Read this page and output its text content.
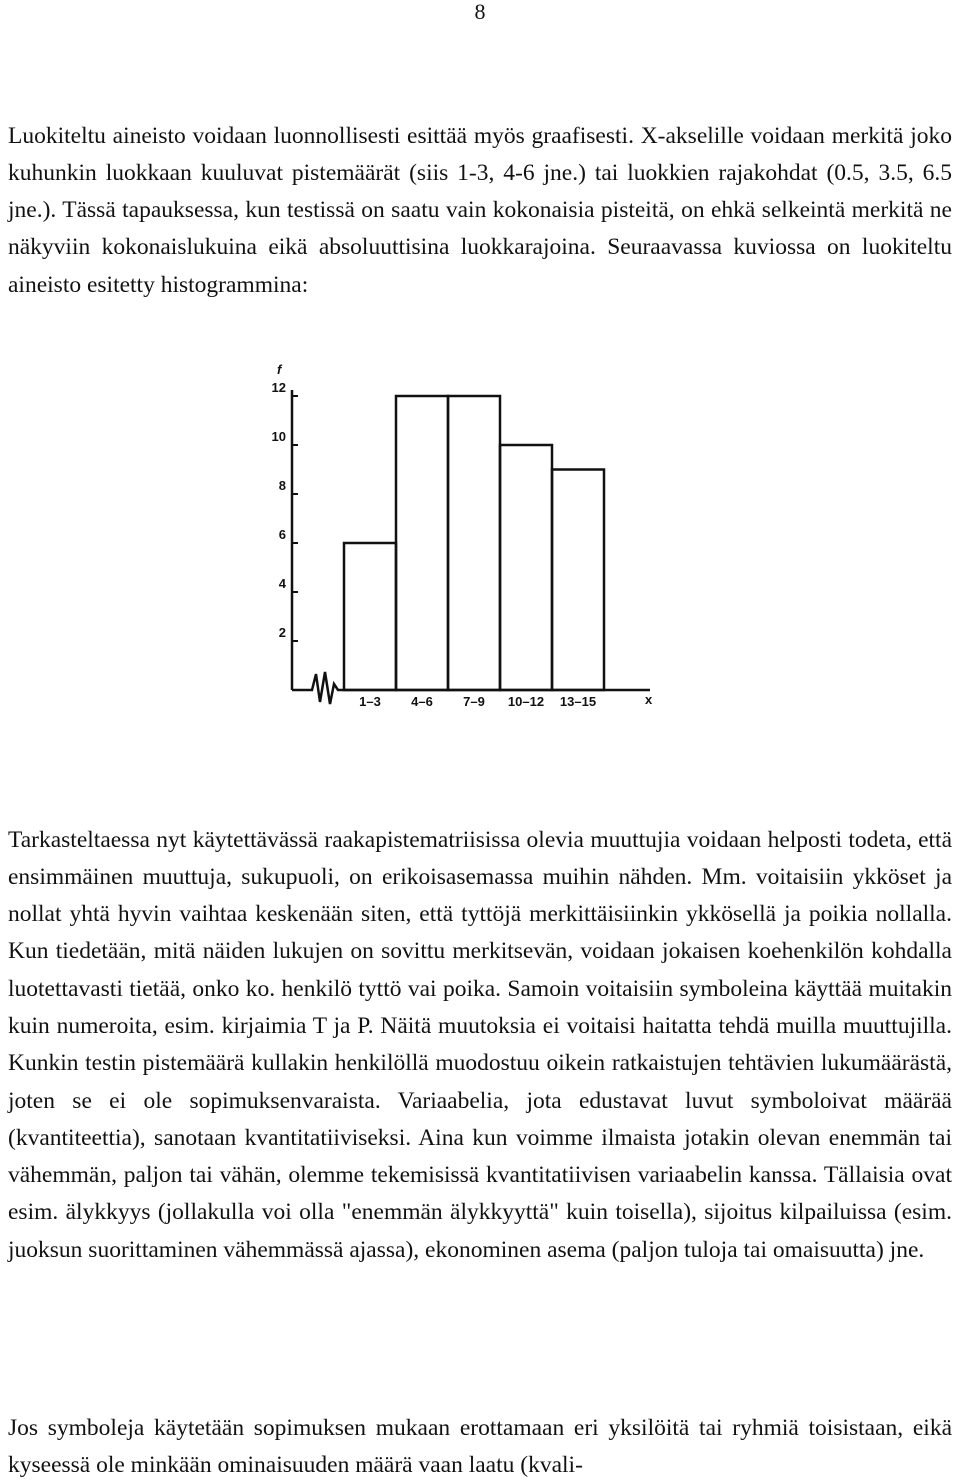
8

Luokiteltu aineisto voidaan luonnollisesti esittää myös graafisesti. X-akselille voidaan merkitä joko kuhunkin luokkaan kuuluvat pistemäärät (siis 1-3, 4-6 jne.) tai luokkien rajakohdat (0.5, 3.5, 6.5 jne.). Tässä tapauksessa, kun testissä on saatu vain kokonaisia pisteitä, on ehkä selkeintä merkitä ne näkyviin kokonaislukuina eikä absoluuttisina luokkarajoina. Seuraavassa kuviossa on luokiteltu aineisto esitetty histogrammina:

2
4
6
8
10
12
f
x
1–3 4–6 7–9 10–12 13–15

Tarkasteltaessa nyt käytettävässä raakapistematriisissa olevia muuttujia voidaan helposti todeta, että ensimmäinen muuttuja, sukupuoli, on erikoisasemassa muihin nähden. Mm. voitaisiin ykköset ja nollat yhtä hyvin vaihtaa keskenään siten, että tyttöjä merkittäisiinkin ykkösellä ja poikia nollalla. Kun tiedetään, mitä näiden lukujen on sovittu merkitsevän, voidaan jokaisen koehenkilön kohdalla luotettavasti tietää, onko ko. henkilö tyttö vai poika. Samoin voitaisiin symboleina käyttää muitakin kuin numeroita, esim. kirjaimia T ja P. Näitä muutoksia ei voitaisi haitatta tehdä muilla muuttujilla. Kunkin testin pistemäärä kullakin henkilöllä muodostuu oikein ratkaistujen tehtävien lukumäärästä, joten se ei ole sopimuksenvaraista. Variaabelia, jota edustavat luvut symboloivat määrää (kvantiteettia), sanotaan kvantitatiiviseksi. Aina kun voimme ilmaista jotakin olevan enemmän tai vähemmän, paljon tai vähän, olemme tekemisissä kvantitatiivisen variaabelin kanssa. Tällaisia ovat esim. älykkyys (jollakulla voi olla "enemmän älykkyyttä" kuin toisella), sijoitus kilpailuissa (esim. juoksun suorittaminen vähemmässä ajassa), ekonominen asema (paljon tuloja tai omaisuutta) jne.

Jos symboleja käytetään sopimuksen mukaan erottamaan eri yksilöitä tai ryhmiä toisistaan, eikä kyseessä ole minkään ominaisuuden määrä vaan laatu (kvali-
